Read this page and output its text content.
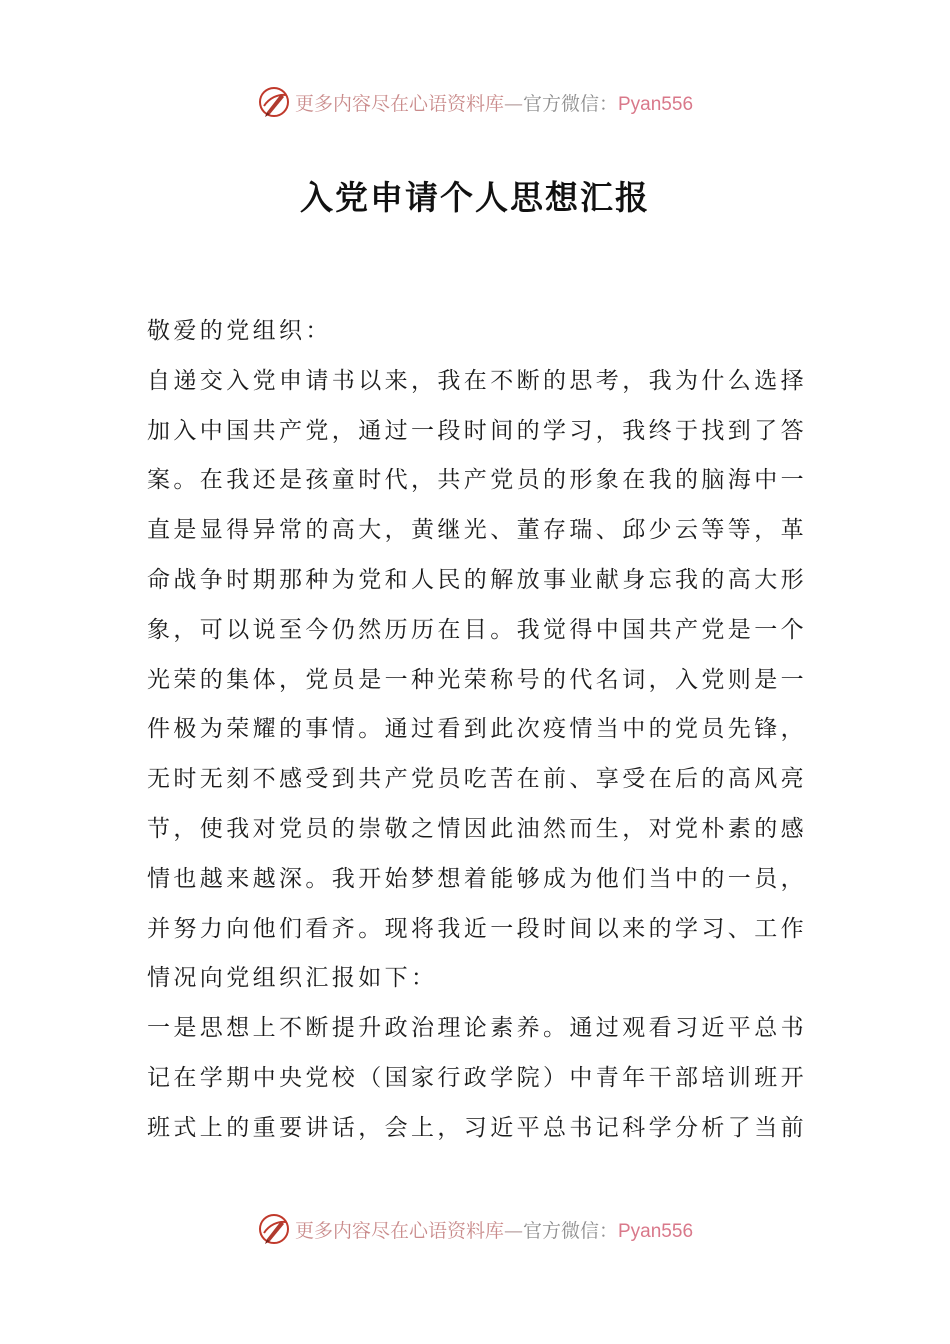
更多内容尽在心语资料库—官方微信：Pyan556
入党申请个人思想汇报
敬爱的党组织：
自递交入党申请书以来，我在不断的思考，我为什么选择
加入中国共产党，通过一段时间的学习，我终于找到了答
案。在我还是孩童时代，共产党员的形象在我的脑海中一
直是显得异常的高大，黄继光、董存瑞、邱少云等等，革
命战争时期那种为党和人民的解放事业献身忘我的高大形
象，可以说至今仍然历历在目。我觉得中国共产党是一个
光荣的集体，党员是一种光荣称号的代名词，入党则是一
件极为荣耀的事情。通过看到此次疫情当中的党员先锋，
无时无刻不感受到共产党员吃苦在前、享受在后的高风亮
节，使我对党员的崇敬之情因此油然而生，对党朴素的感
情也越来越深。我开始梦想着能够成为他们当中的一员，
并努力向他们看齐。现将我近一段时间以来的学习、工作
情况向党组织汇报如下：
一是思想上不断提升政治理论素养。通过观看习近平总书
记在学期中央党校（国家行政学院）中青年干部培训班开
班式上的重要讲话，会上，习近平总书记科学分析了当前
更多内容尽在心语资料库—官方微信：Pyan556
